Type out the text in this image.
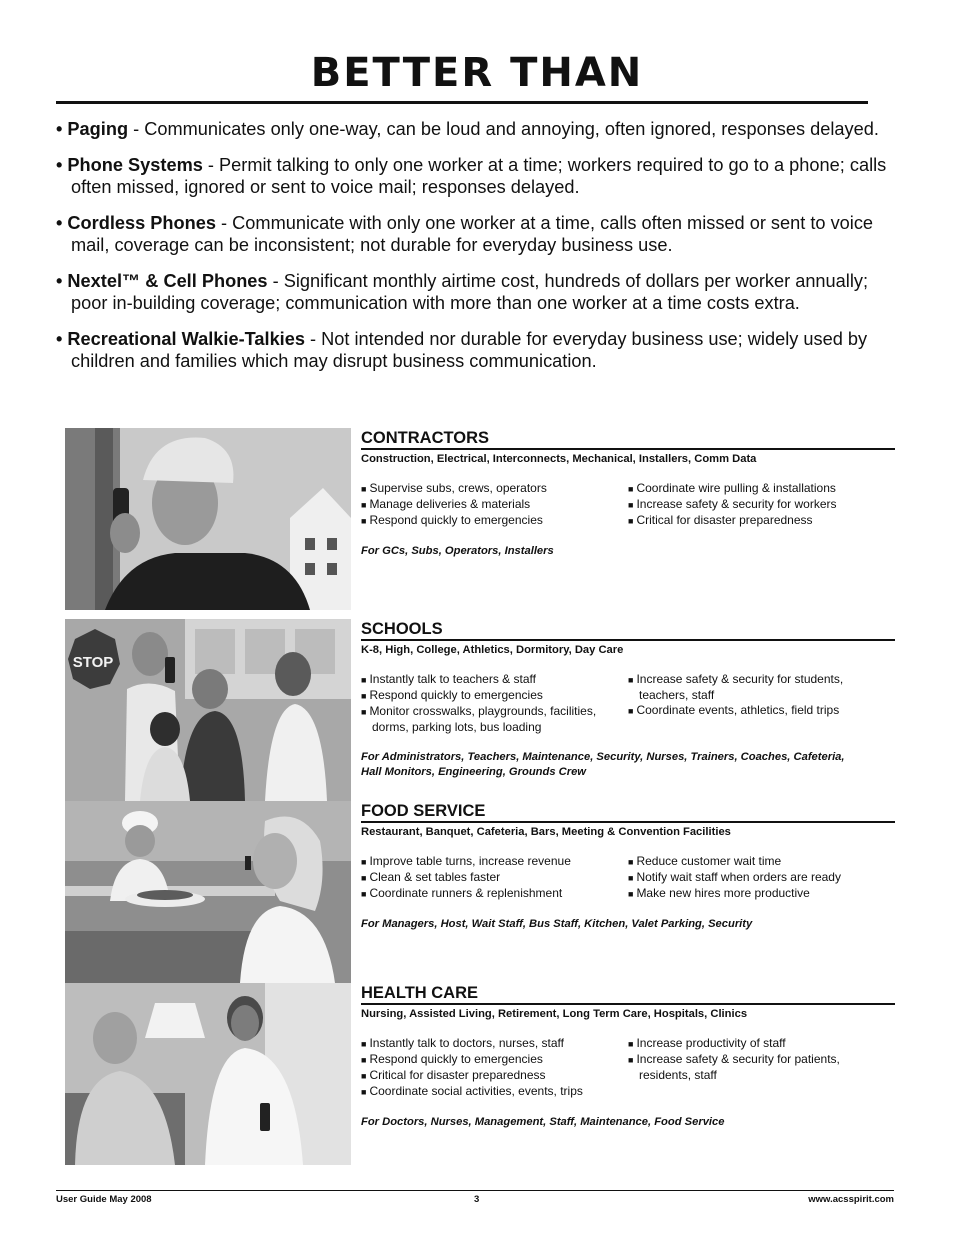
BETTER THAN
• Paging - Communicates only one-way, can be loud and annoying, often ignored, responses delayed.
• Phone Systems - Permit talking to only one worker at a time; workers required to go to a phone; calls often missed, ignored or sent to voice mail; responses delayed.
• Cordless Phones - Communicate with only one worker at a time, calls often missed or sent to voice mail, coverage can be inconsistent; not durable for everyday business use.
• Nextel™ & Cell Phones - Significant monthly airtime cost, hundreds of dollars per worker annually; poor in-building coverage; communication with more than one worker at a time costs extra.
• Recreational Walkie-Talkies - Not intended nor durable for everyday business use; widely used by children and families which may disrupt business communication.
CONTRACTORS
Construction, Electrical, Interconnects, Mechanical, Installers, Comm Data
■ Supervise subs, crews, operators
■ Manage deliveries & materials
■ Respond quickly to emergencies
■ Coordinate wire pulling & installations
■ Increase safety & security for workers
■ Critical for disaster preparedness
For GCs, Subs, Operators, Installers
STOP
SCHOOLS
K-8, High, College, Athletics, Dormitory, Day Care
■ Instantly talk to teachers & staff
■ Respond quickly to emergencies
■ Monitor crosswalks, playgrounds, facilities, dorms, parking lots, bus loading
■ Increase safety & security for students, teachers, staff
■ Coordinate events, athletics, field trips
For Administrators, Teachers, Maintenance, Security, Nurses, Trainers, Coaches, Cafeteria, Hall Monitors, Engineering, Grounds Crew
FOOD SERVICE
Restaurant, Banquet, Cafeteria, Bars, Meeting & Convention Facilities
■ Improve table turns, increase revenue
■ Clean & set tables faster
■ Coordinate runners & replenishment
■ Reduce customer wait time
■ Notify wait staff when orders are ready
■ Make new hires more productive
For Managers, Host, Wait Staff, Bus Staff, Kitchen, Valet Parking, Security
HEALTH CARE
Nursing, Assisted Living, Retirement, Long Term Care, Hospitals, Clinics
■ Instantly talk to doctors, nurses, staff
■ Respond quickly to emergencies
■ Critical for disaster preparedness
■ Coordinate social activities, events, trips
■ Increase productivity of staff
■ Increase safety & security for patients, residents, staff
For Doctors, Nurses, Management, Staff, Maintenance, Food Service
User Guide May 2008	3	www.acsspirit.com
